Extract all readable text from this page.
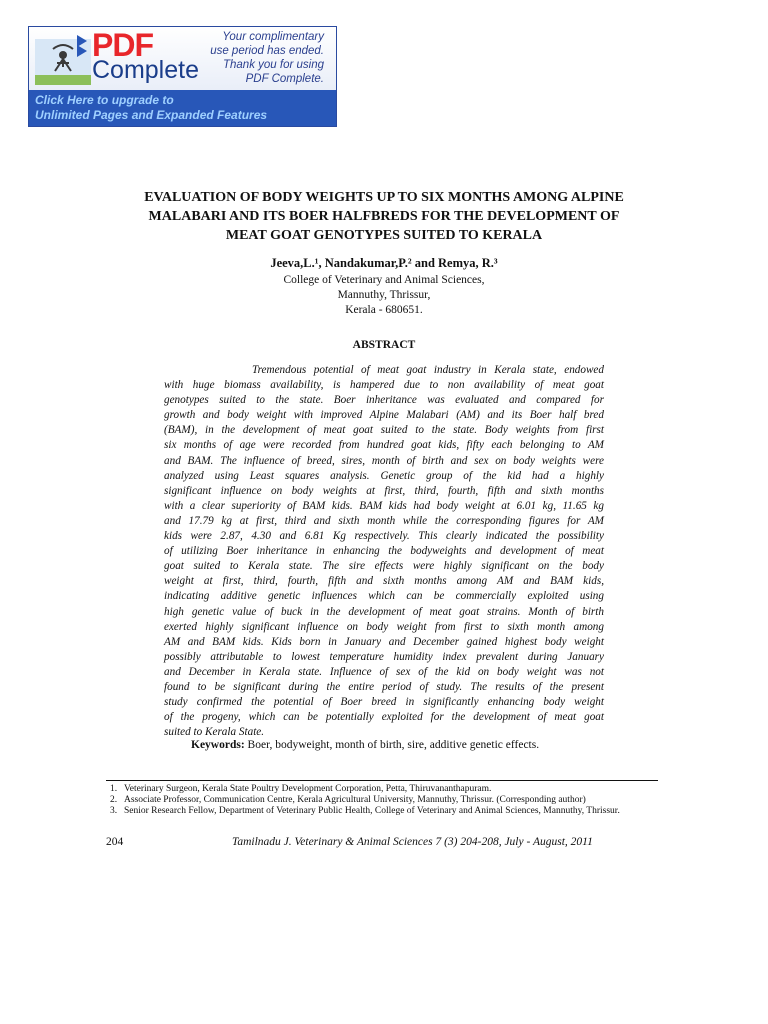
PDF
Complete
Your complimentary
use period has ended.
Thank you for using
PDF Complete.
Click Here to upgrade to
Unlimited Pages and Expanded Features
EVALUATION OF BODY WEIGHTS UP TO SIX MONTHS AMONG ALPINE
MALABARI AND ITS BOER HALFBREDS FOR THE DEVELOPMENT OF
MEAT GOAT GENOTYPES SUITED TO KERALA
Jeeva,L.¹, Nandakumar,P.² and Remya, R.³
College of Veterinary and Animal Sciences,
Mannuthy, Thrissur,
Kerala - 680651.
ABSTRACT
Tremendous potential of meat goat industry in Kerala state, endowed
with huge biomass availability, is hampered due to non availability of meat goat
genotypes suited to the state. Boer inheritance was evaluated and compared for
growth and body weight with improved Alpine Malabari (AM) and its Boer half bred
(BAM), in the development of meat goat suited to the state. Body weights from first
six months of age were recorded from hundred goat kids, fifty each belonging to AM
and BAM. The influence of breed, sires, month of birth and sex on body weights were
analyzed using Least squares analysis. Genetic group of the kid had a highly
significant influence on body weights at first, third, fourth, fifth and sixth months
with a clear superiority of BAM kids. BAM kids had body weight at 6.01 kg, 11.65 kg
and 17.79 kg at first, third and sixth month while the corresponding figures for AM
kids were 2.87, 4.30 and 6.81 Kg respectively. This clearly indicated the possibility
of utilizing Boer inheritance in enhancing the bodyweights and development of meat
goat suited to Kerala state. The sire effects were highly significant on the body
weight at first, third, fourth, fifth and sixth months among AM and BAM kids,
indicating additive genetic influences which can be commercially exploited using
high genetic value of buck in the development of meat goat strains. Month of birth
exerted highly significant influence on body weight from first to sixth month among
AM and BAM kids. Kids born in January and December gained highest body weight
possibly attributable to lowest temperature humidity index prevalent during January
and December in Kerala state. Influence of sex of the kid on body weight was not
found to be significant during the entire period of study. The results of the present
study confirmed the potential of Boer breed in significantly enhancing body weight
of the progeny, which can be potentially exploited for the development of meat goat
suited to Kerala State.
Keywords: Boer, bodyweight, month of birth, sire, additive genetic effects.
1. Veterinary Surgeon, Kerala State Poultry Development Corporation, Petta, Thiruvananthapuram.
2. Associate Professor, Communication Centre, Kerala Agricultural University, Mannuthy, Thrissur. (Corresponding author)
3. Senior Research Fellow, Department of Veterinary Public Health, College of Veterinary and Animal Sciences, Mannuthy, Thrissur.
204	Tamilnadu J. Veterinary & Animal Sciences 7 (3) 204-208, July - August, 2011
